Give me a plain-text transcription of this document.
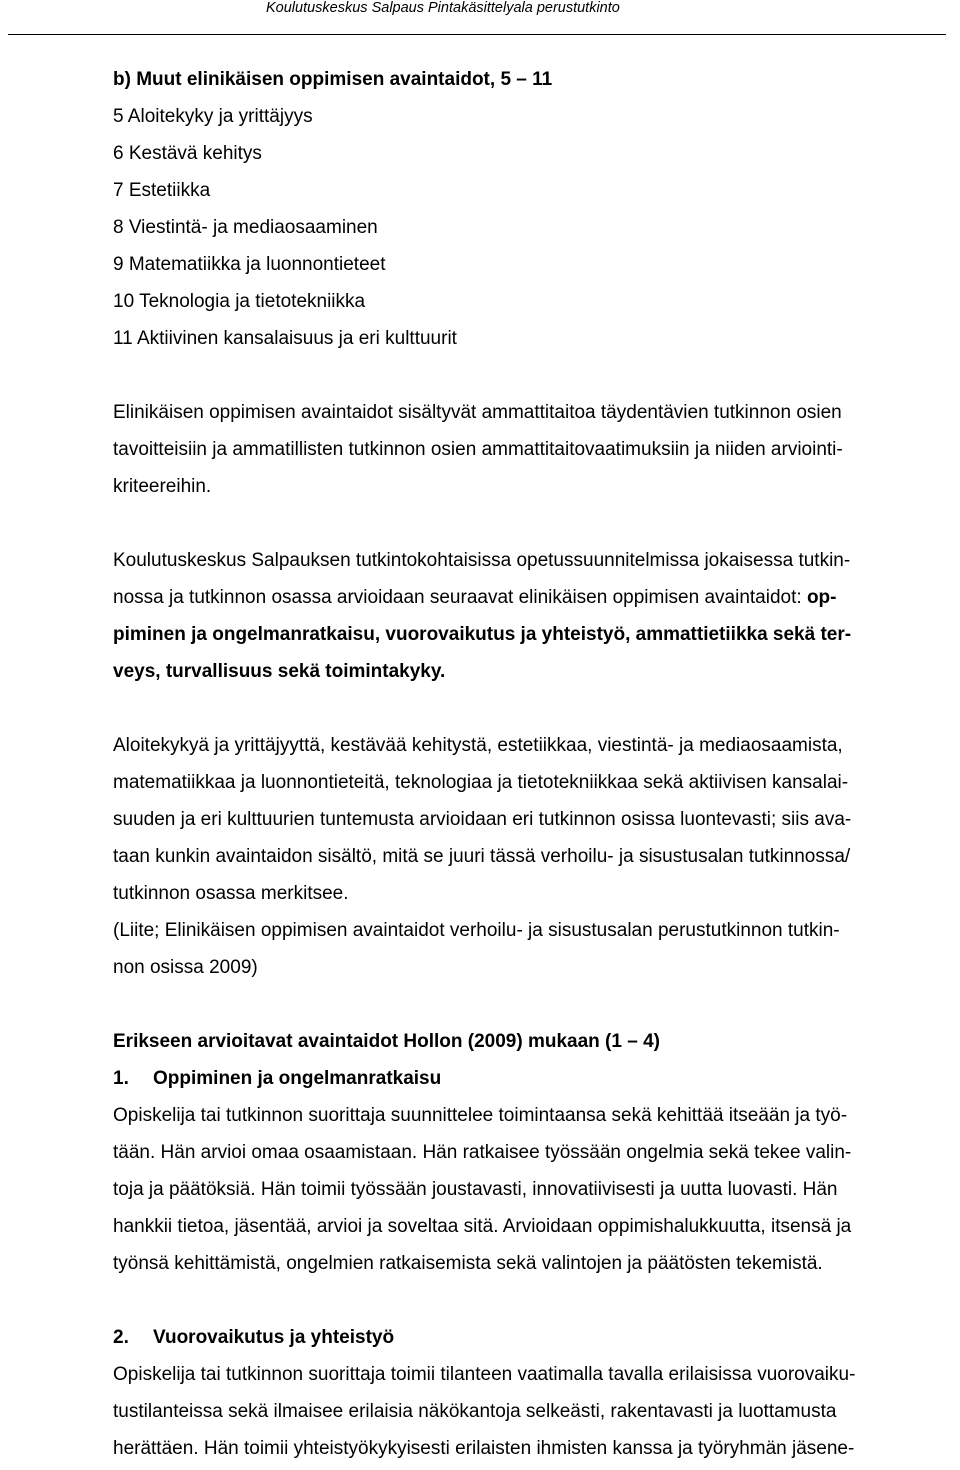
Koulutuskeskus Salpaus Pintakäsittelyala perustutkinto
b) Muut elinikäisen oppimisen avaintaidot, 5 – 11
5 Aloitekyky ja yrittäjyys
6 Kestävä kehitys
7 Estetiikka
8 Viestintä- ja mediaosaaminen
9 Matematiikka ja luonnontieteet
10 Teknologia ja tietotekniikka
11 Aktiivinen kansalaisuus ja eri kulttuurit
Elinikäisen oppimisen avaintaidot sisältyvät ammattitaitoa täydentävien tutkinnon osien
tavoitteisiin ja ammatillisten tutkinnon osien ammattitaitovaatimuksiin ja niiden arviointi-
kriteereihin.
Koulutuskeskus Salpauksen tutkintokohtaisissa opetussuunnitelmissa jokaisessa tutkin-
nossa ja tutkinnon osassa arvioidaan seuraavat elinikäisen oppimisen avaintaidot: op-
piminen ja ongelmanratkaisu, vuorovaikutus ja yhteistyö, ammattietiikka sekä ter-
veys, turvallisuus sekä toimintakyky.
Aloitekykyä ja yrittäjyyttä, kestävää kehitystä, estetiikkaa, viestintä- ja mediaosaamista,
matematiikkaa ja luonnontieteitä, teknologiaa ja tietotekniikkaa sekä aktiivisen kansalai-
suuden ja eri kulttuurien tuntemusta arvioidaan eri tutkinnon osissa luontevasti; siis ava-
taan kunkin avaintaidon sisältö, mitä se juuri tässä verhoilu- ja sisustusalan tutkinnossa/
tutkinnon osassa merkitsee.
(Liite; Elinikäisen oppimisen avaintaidot verhoilu- ja sisustusalan perustutkinnon tutkin-
non osissa 2009)
Erikseen arvioitavat avaintaidot Hollon (2009) mukaan (1 – 4)
1. Oppiminen ja ongelmanratkaisu
Opiskelija tai tutkinnon suorittaja suunnittelee toimintaansa sekä kehittää itseään ja työ-
tään. Hän arvioi omaa osaamistaan. Hän ratkaisee työssään ongelmia sekä tekee valin-
toja ja päätöksiä. Hän toimii työssään joustavasti, innovatiivisesti ja uutta luovasti. Hän
hankkii tietoa, jäsentää, arvioi ja soveltaa sitä. Arvioidaan oppimishalukkuutta, itsensä ja
työnsä kehittämistä, ongelmien ratkaisemista sekä valintojen ja päätösten tekemistä.
2. Vuorovaikutus ja yhteistyö
Opiskelija tai tutkinnon suorittaja toimii tilanteen vaatimalla tavalla erilaisissa vuorovaiku-
tustilanteissa sekä ilmaisee erilaisia näkökantoja selkeästi, rakentavasti ja luottamusta
herättäen. Hän toimii yhteistyökykyisesti erilaisten ihmisten kanssa ja työryhmän jäsene-
